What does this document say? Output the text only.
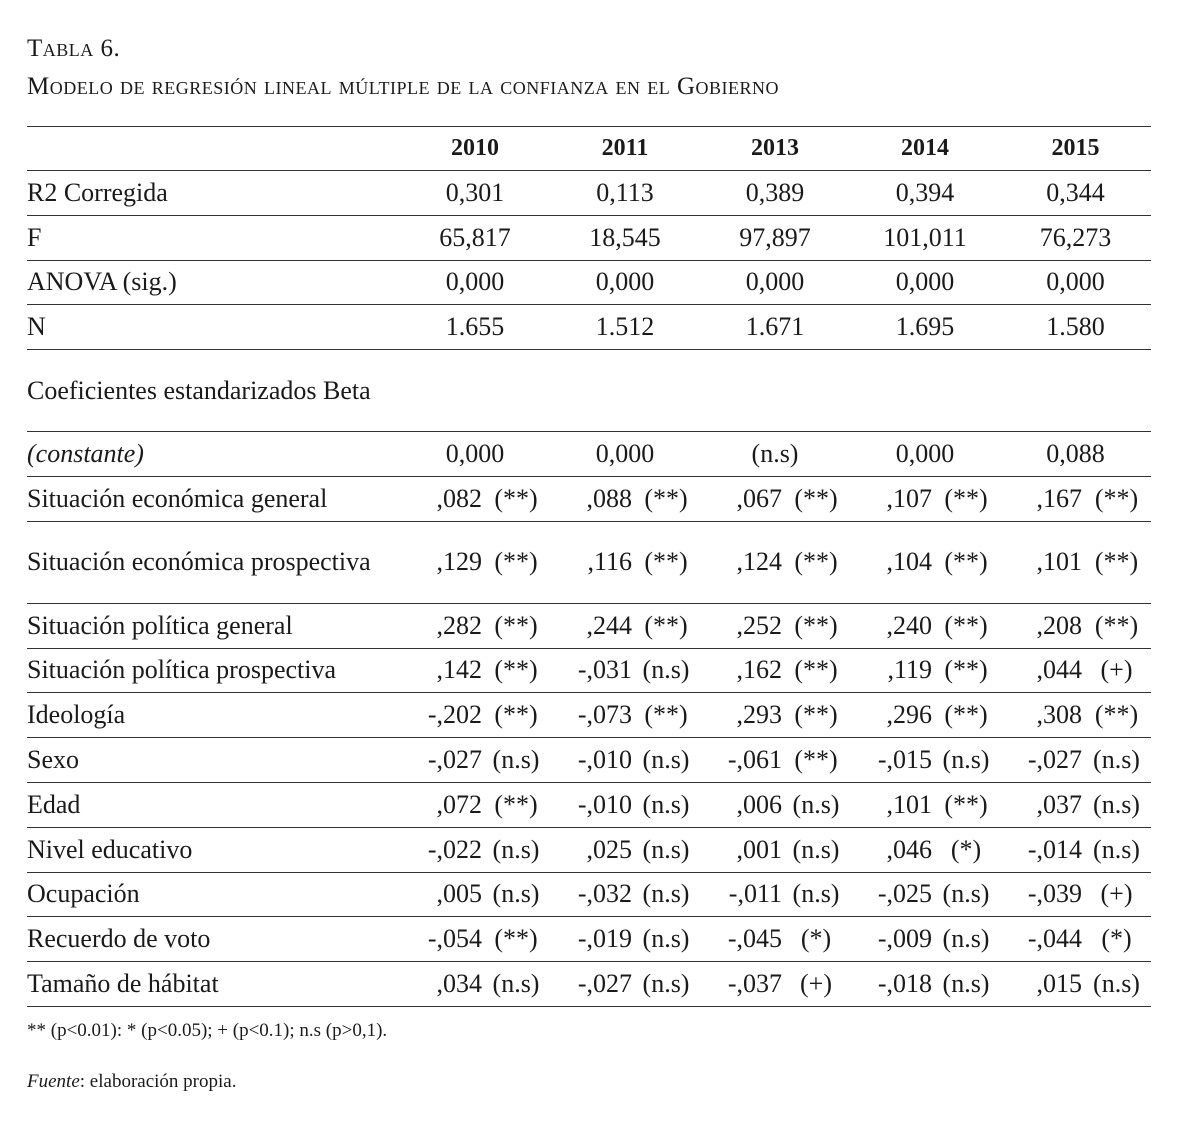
Tabla 6.
Modelo de regresión lineal múltiple de la confianza en el Gobierno
	2010		2011		2013		2014		2015	
R2 Corregida	0,301		0,113		0,389		0,394		0,344	
F	65,817		18,545		97,897		101,011		76,273	
ANOVA (sig.)	0,000		0,000		0,000		0,000		0,000	
N	1.655		1.512		1.671		1.695		1.580	
Coeficientes estandarizados Beta										
(constante)	0,000		0,000		(n.s)		0,000		0,088	
Situación económica general	,082	(**)	,088	(**)	,067	(**)	,107	(**)	,167	(**)
Situación económica prospectiva	,129	(**)	,116	(**)	,124	(**)	,104	(**)	,101	(**)
Situación política general	,282	(**)	,244	(**)	,252	(**)	,240	(**)	,208	(**)
Situación política prospectiva	,142	(**)	-,031	(n.s)	,162	(**)	,119	(**)	,044	(+)
Ideología	-,202	(**)	-,073	(**)	,293	(**)	,296	(**)	,308	(**)
Sexo	-,027	(n.s)	-,010	(n.s)	-,061	(**)	-,015	(n.s)	-,027	(n.s)
Edad	,072	(**)	-,010	(n.s)	,006	(n.s)	,101	(**)	,037	(n.s)
Nivel educativo	-,022	(n.s)	,025	(n.s)	,001	(n.s)	,046	(*)	-,014	(n.s)
Ocupación	,005	(n.s)	-,032	(n.s)	-,011	(n.s)	-,025	(n.s)	-,039	(+)
Recuerdo de voto	-,054	(**)	-,019	(n.s)	-,045	(*)	-,009	(n.s)	-,044	(*)
Tamaño de hábitat	,034	(n.s)	-,027	(n.s)	-,037	(+)	-,018	(n.s)	,015	(n.s)
** (p<0.01): * (p<0.05); + (p<0.1); n.s (p>0,1).
Fuente: elaboración propia.
